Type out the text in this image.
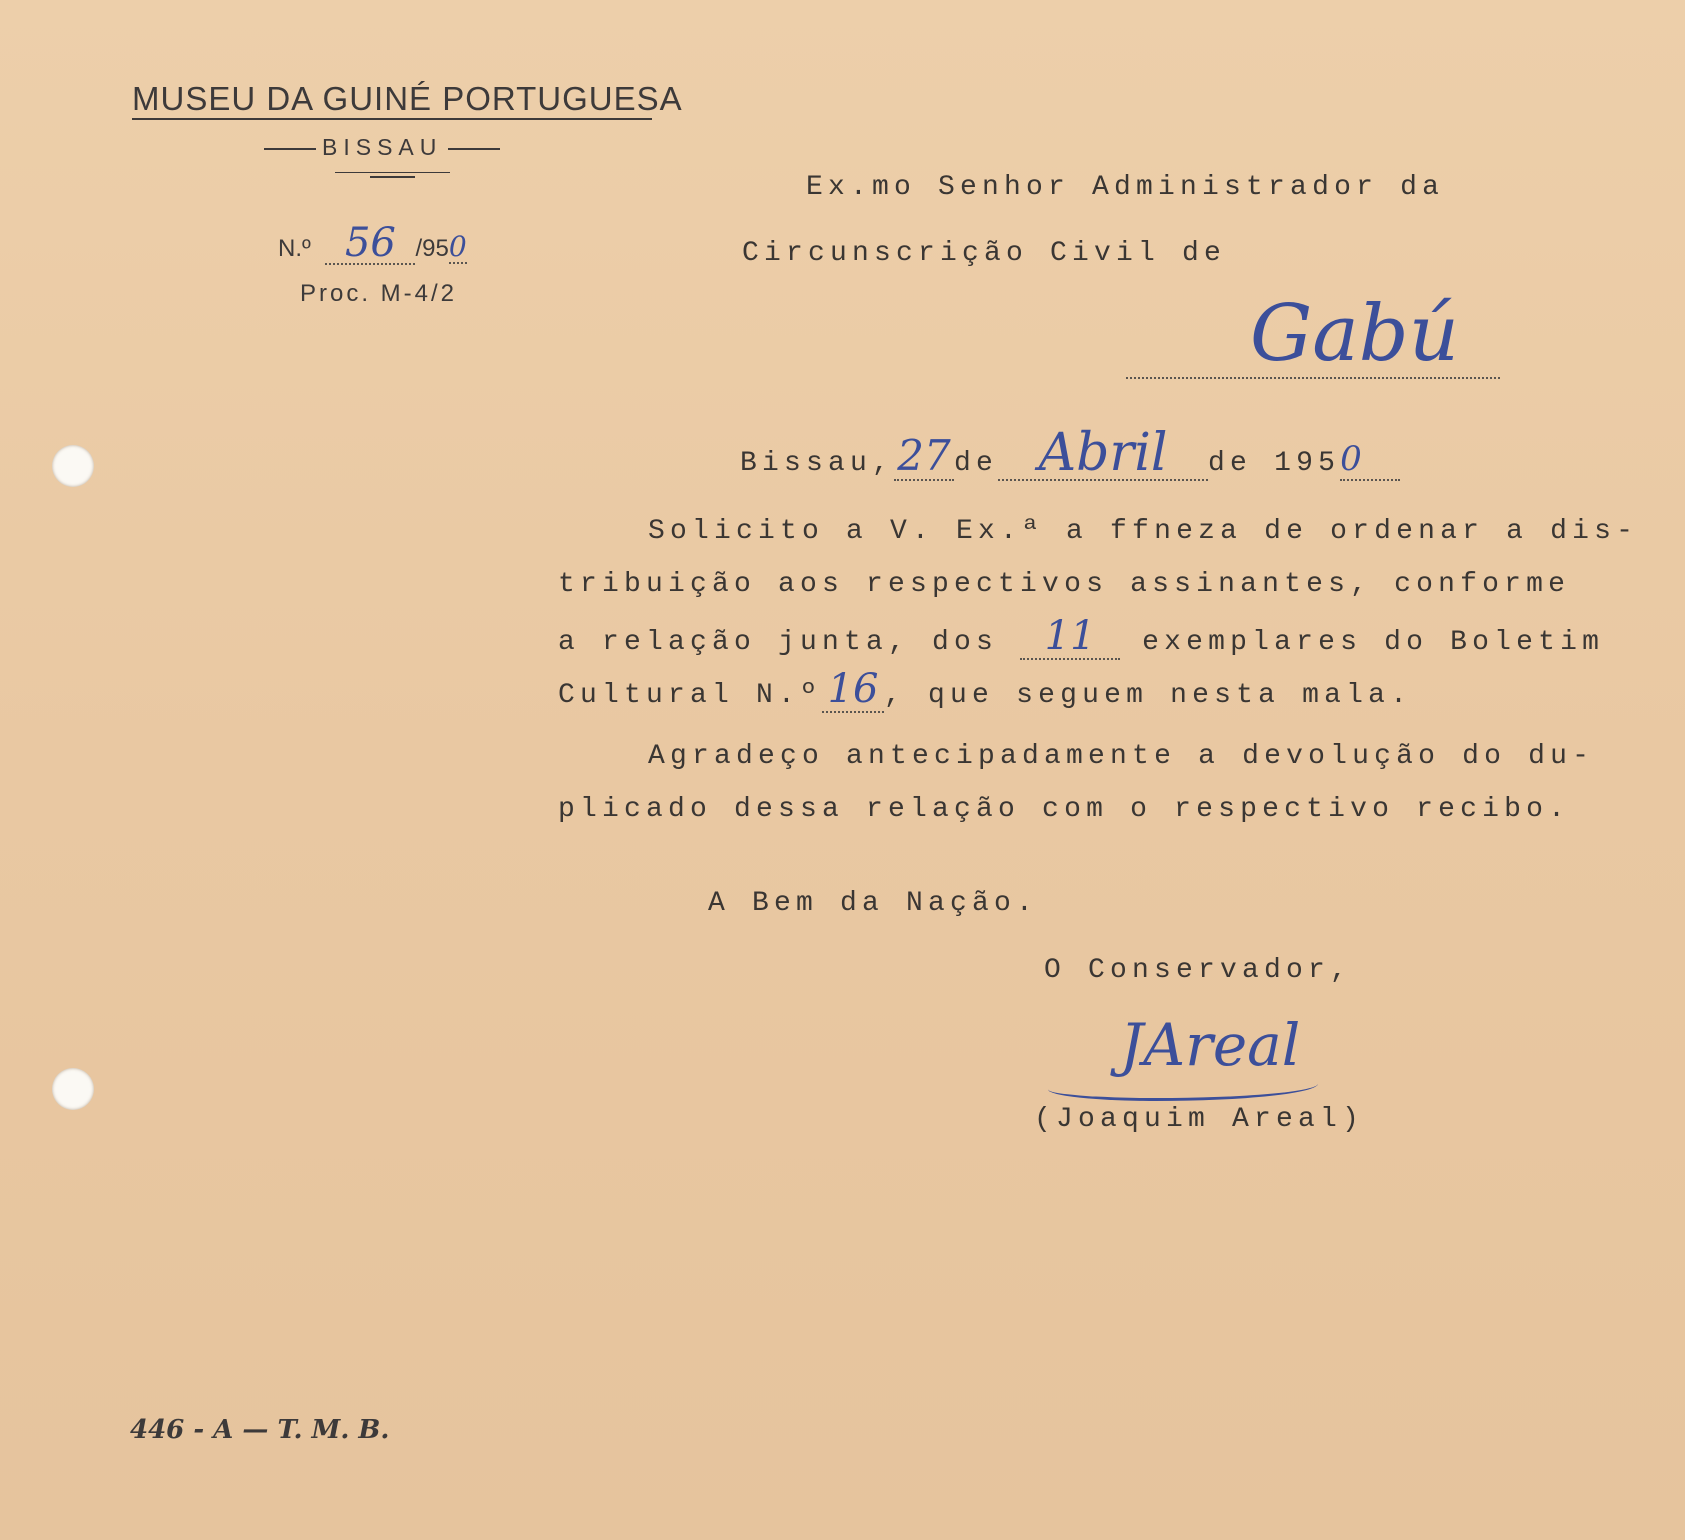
MUSEU DA GUINÉ PORTUGUESA
BISSAU
N.º 56 /950
Proc. M-4/2
Ex.mo Senhor Administrador da
Circunscrição Civil de
Gabú
Bissau,27 de Abril de 1950
Solicito a V. Ex.ª a ffneza de ordenar a dis-
tribuição aos respectivos assinantes, conforme
a relação junta, dos 11 exemplares do Boletim
Cultural N.º 16 , que seguem nesta mala.
Agradeço antecipadamente a devolução do du-
plicado dessa relação com o respectivo recibo.
A Bem da Nação.
O Conservador,
JAreal
(Joaquim Areal)
446 - A — T. M. B.
